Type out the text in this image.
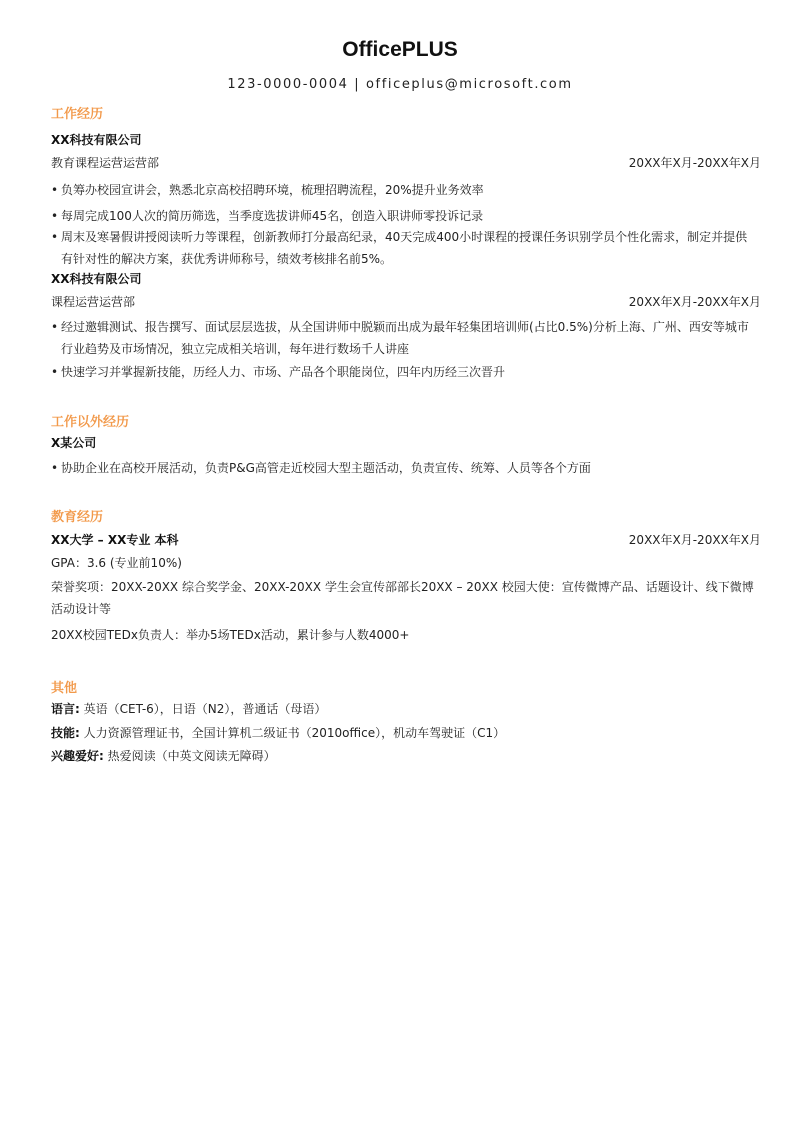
OfficePLUS
123-0000-0004 | officeplus@microsoft.com
工作经历
XX科技有限公司
教育课程运营运营部	20XX年X月-20XX年X月
• 负筹办校园宣讲会，熟悉北京高校招聘环境，梳理招聘流程，20%提升业务效率
• 每周完成100人次的简历筛选，当季度选拔讲师45名，创造入职讲师零投诉记录
• 周末及寒暑假讲授阅读听力等课程，创新教师打分最高纪录，40天完成400小时课程的授课任务识别学员个性化需求，制定并提供有针对性的解决方案，获优秀讲师称号，绩效考核排名前5%。
XX科技有限公司
课程运营运营部	20XX年X月-20XX年X月
• 经过邀辑测试、报告撰写、面试层层选拔，从全国讲师中脱颖而出成为最年轻集团培训师(占比0.5%)分析上海、广州、西安等城市行业趋势及市场情况，独立完成相关培训，每年进行数场千人讲座
• 快速学习并掌握新技能，历经人力、市场、产品各个职能岗位，四年内历经三次晋升
工作以外经历
X某公司
• 协助企业在高校开展活动，负责P&G高管走近校园大型主题活动，负责宣传、统筹、人员等各个方面
教育经历
XX大学 – XX专业 本科	20XX年X月-20XX年X月
GPA：3.6 (专业前10%)
荣誉奖项：20XX-20XX 综合奖学金、20XX-20XX 学生会宣传部部长20XX – 20XX 校园大使：宣传微博产品、话题设计、线下微博活动设计等
20XX校园TEDx负责人：举办5场TEDx活动，累计参与人数4000+
其他
语言: 英语（CET-6），日语（N2），普通话（母语）
技能: 人力资源管理证书，全国计算机二级证书（2010office），机动车驾驶证（C1）
兴趣爱好: 热爱阅读（中英文阅读无障碍）
